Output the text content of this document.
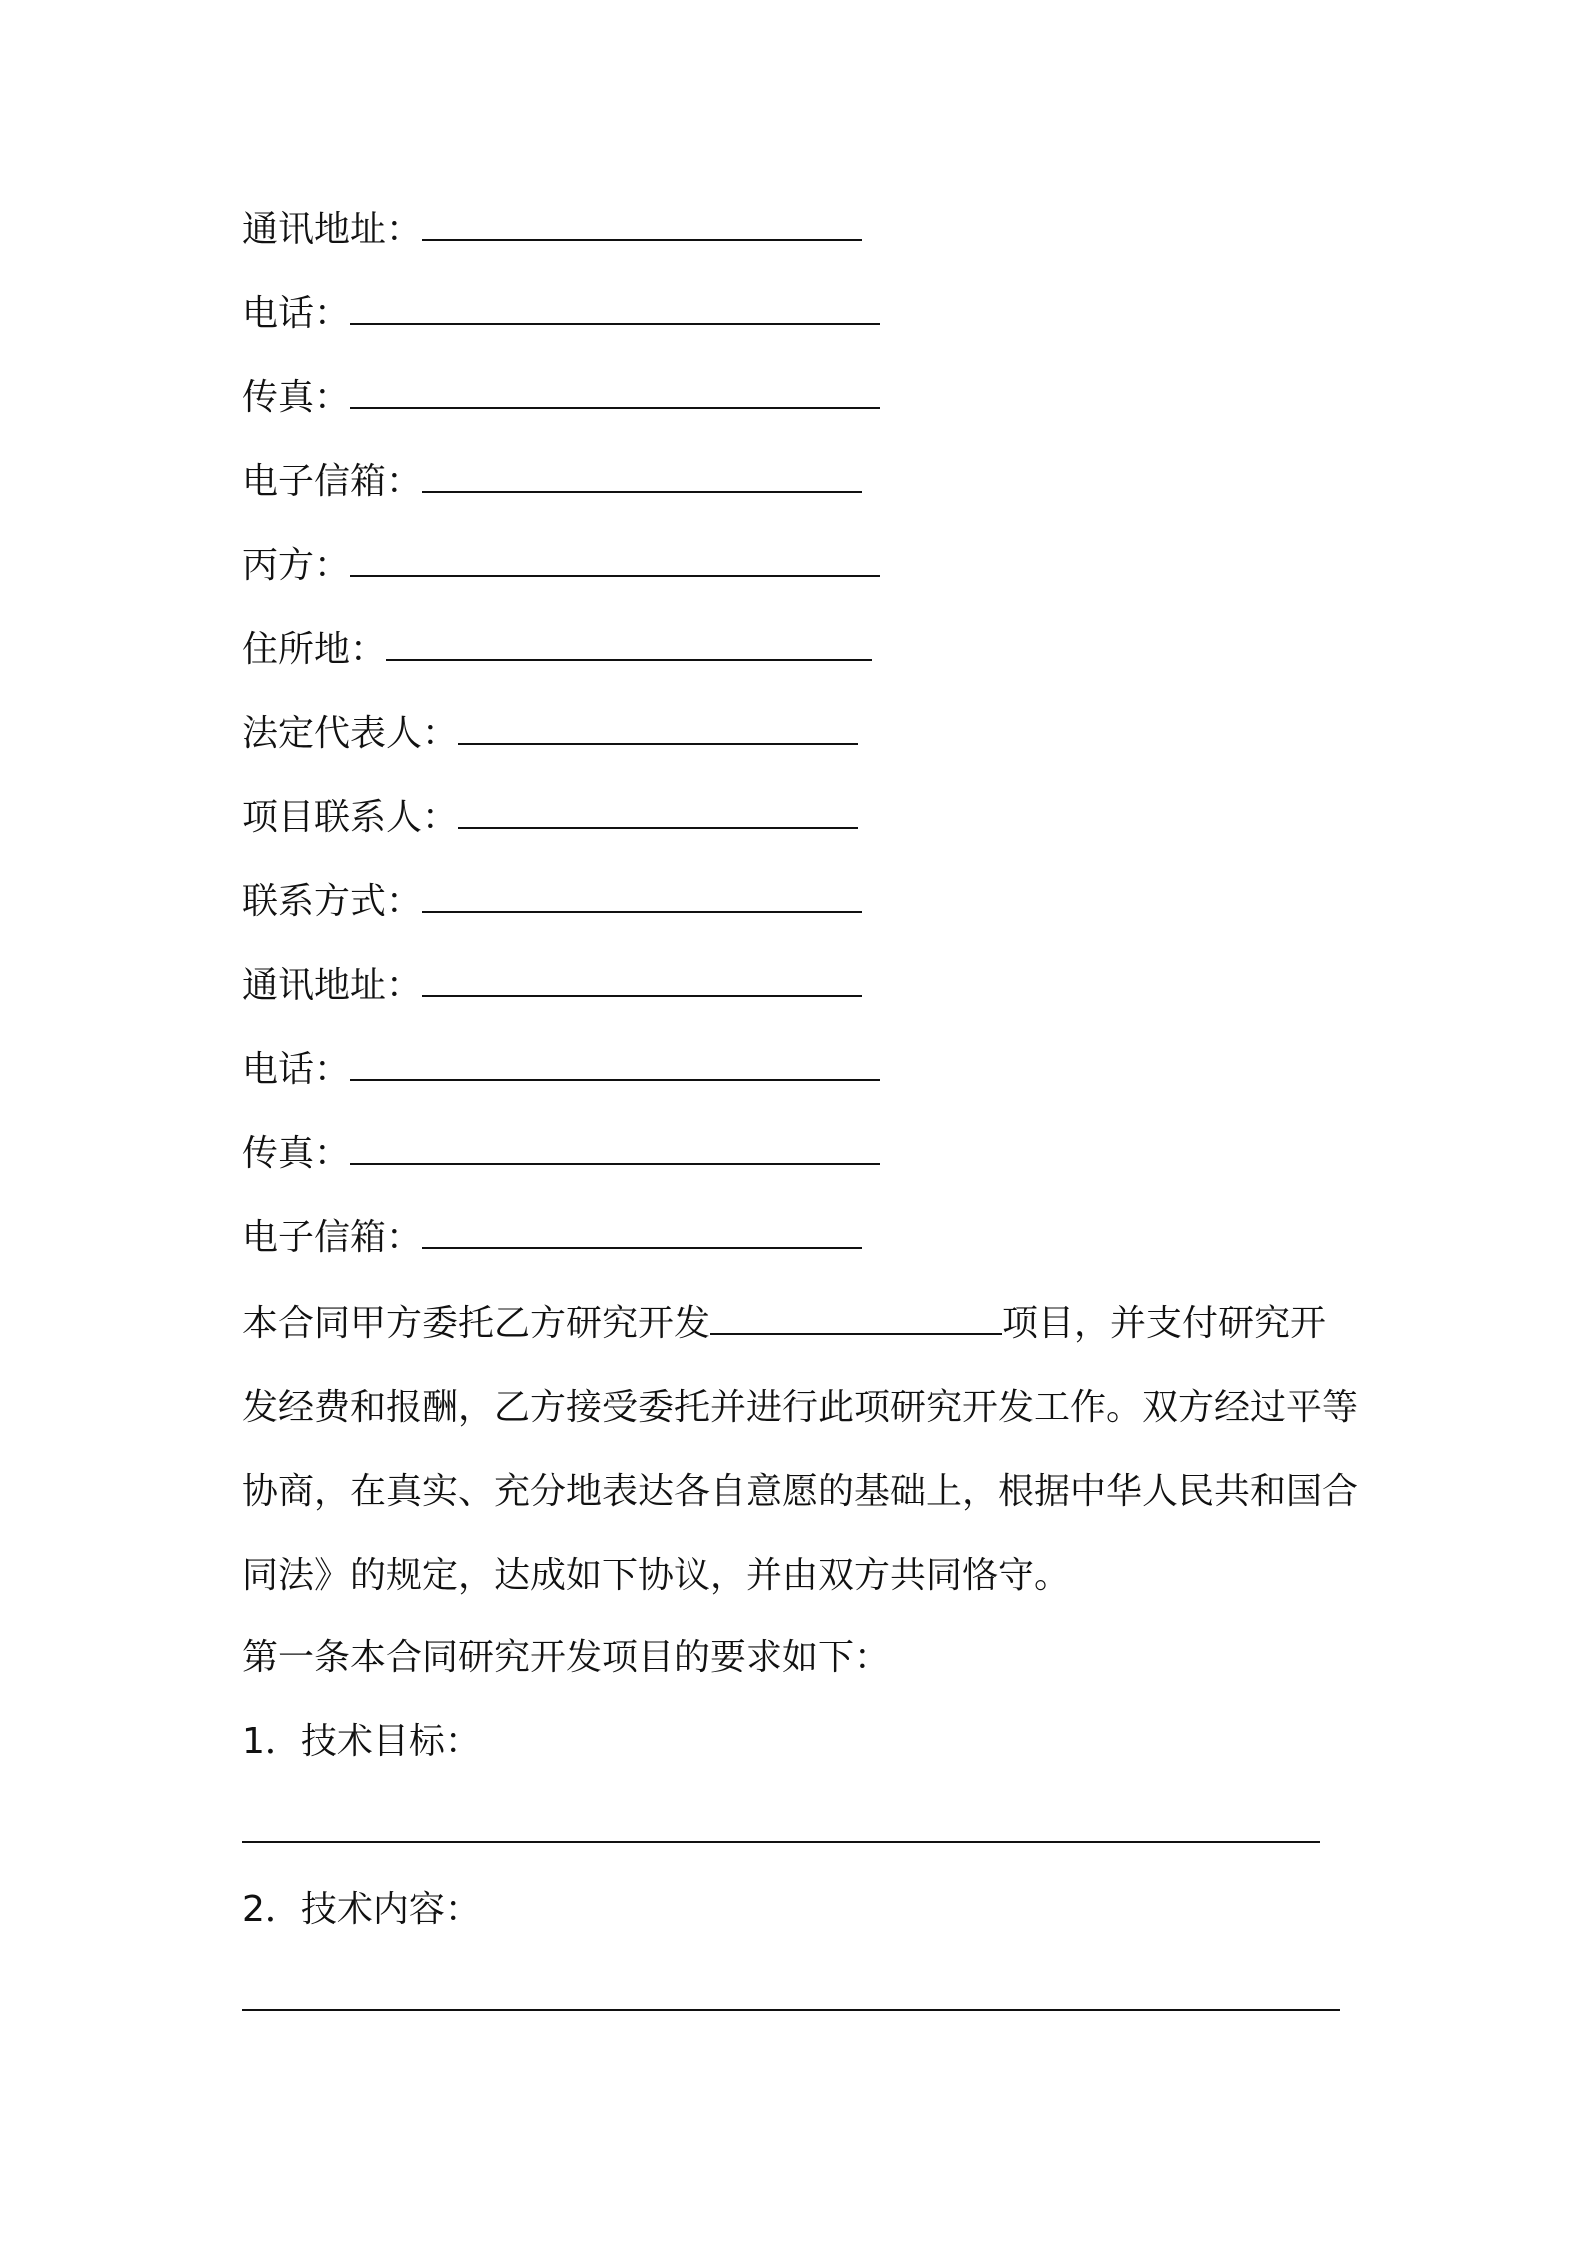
通讯地址：
电话：
传真：
电子信箱：
丙方：
住所地：
法定代表人：
项目联系人：
联系方式：
通讯地址：
电话：
传真：
电子信箱：
本合同甲方委托乙方研究开发	项目，并支付研究开发经费和报酬，乙方接受委托并进行此项研究开发工作。双方经过平等协商，在真实、充分地表达各自意愿的基础上，根据中华人民共和国合同法》的规定，达成如下协议，并由双方共同恪守。
第一条本合同研究开发项目的要求如下：
1．技术目标：
2．技术内容：
